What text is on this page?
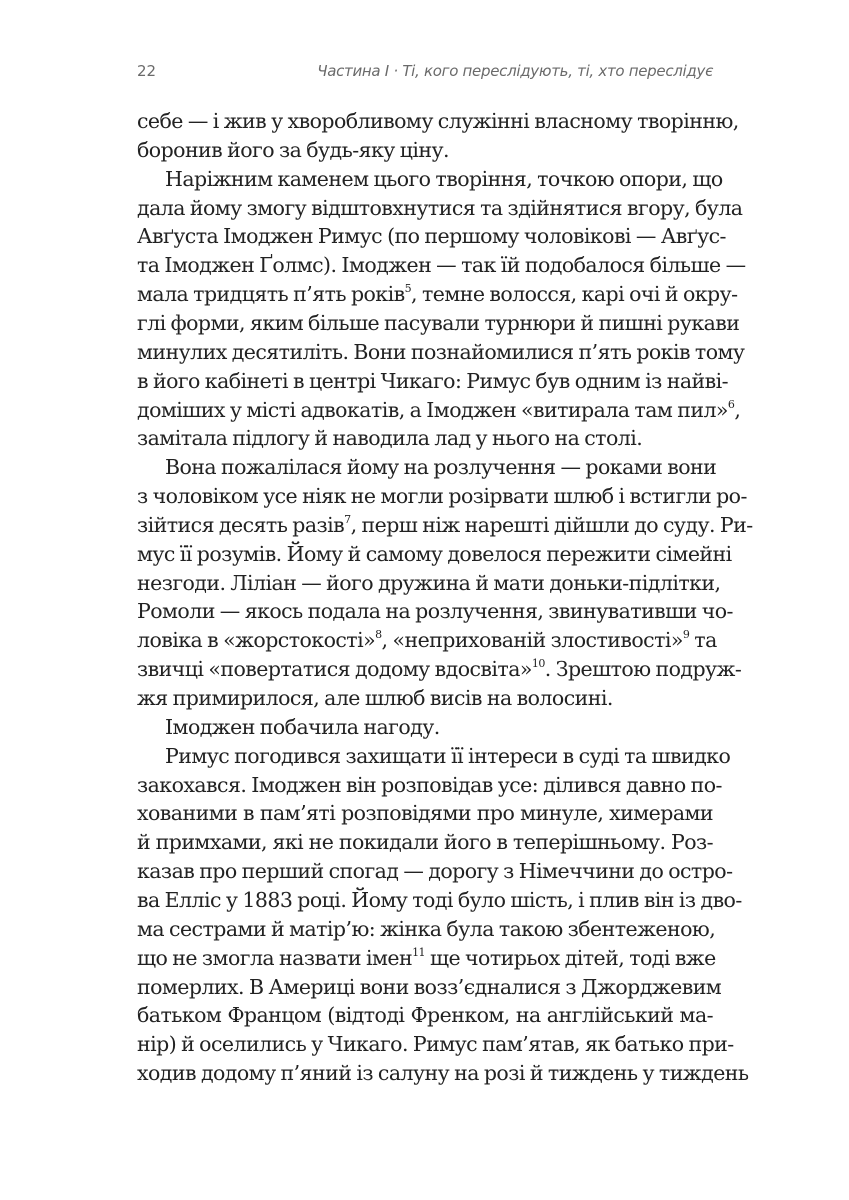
22	Частина I · Ті, кого переслідують, ті, хто переслідує
себе — і жив у хворобливому служінні власному творінню,
боронив його за будь-яку ціну.
Наріжним каменем цього творіння, точкою опори, що
дала йому змогу відштовхнутися та здійнятися вгору, була
Авґуста Імоджен Римус (по першому чоловікові — Авґус-
та Імоджен Ґолмс). Імоджен — так їй подобалося більше —
мала тридцять п’ять років$^5$, темне волосся, карі очі й окру-
глі форми, яким більше пасували турнюри й пишні рукави
минулих десятиліть. Вони познайомилися п’ять років тому
в його кабінеті в центрі Чикаго: Римус був одним із найві-
доміших у місті адвокатів, а Імоджен «витирала там пил»$^6$,
замітала підлогу й наводила лад у нього на столі.
Вона пожалілася йому на розлучення — роками вони
з чоловіком усе ніяк не могли розірвати шлюб і встигли ро-
зійтися десять разів$^7$, перш ніж нарешті дійшли до суду. Ри-
мус її розумів. Йому й самому довелося пережити сімейні
незгоди. Ліліан — його дружина й мати доньки-підлітки,
Ромоли — якось подала на розлучення, звинувативши чо-
ловіка в «жорстокості»$^8$, «неприхованій злостивості»$^9$ та
звичці «повертатися додому вдосвіта»$^{10}$. Зрештою подруж-
жя примирилося, але шлюб висів на волосині.
Імоджен побачила нагоду.
Римус погодився захищати її інтереси в суді та швидко
закохався. Імоджен він розповідав усе: ділився давно по-
хованими в пам’яті розповідями про минуле, химерами
й примхами, які не покидали його в теперішньому. Роз-
казав про перший спогад — дорогу з Німеччини до остро-
ва Елліс у 1883 році. Йому тоді було шість, і плив він із дво-
ма сестрами й матір’ю: жінка була такою збентеженою,
що не змогла назвати імен$^{11}$ ще чотирьох дітей, тоді вже
померлих. В Америці вони возз’єдналися з Джорджевим
батьком Францом (відтоді Френком, на англійський ма-
нір) й оселились у Чикаго. Римус пам’ятав, як батько при-
ходив додому п’яний із салуну на розі й тиждень у тиждень
